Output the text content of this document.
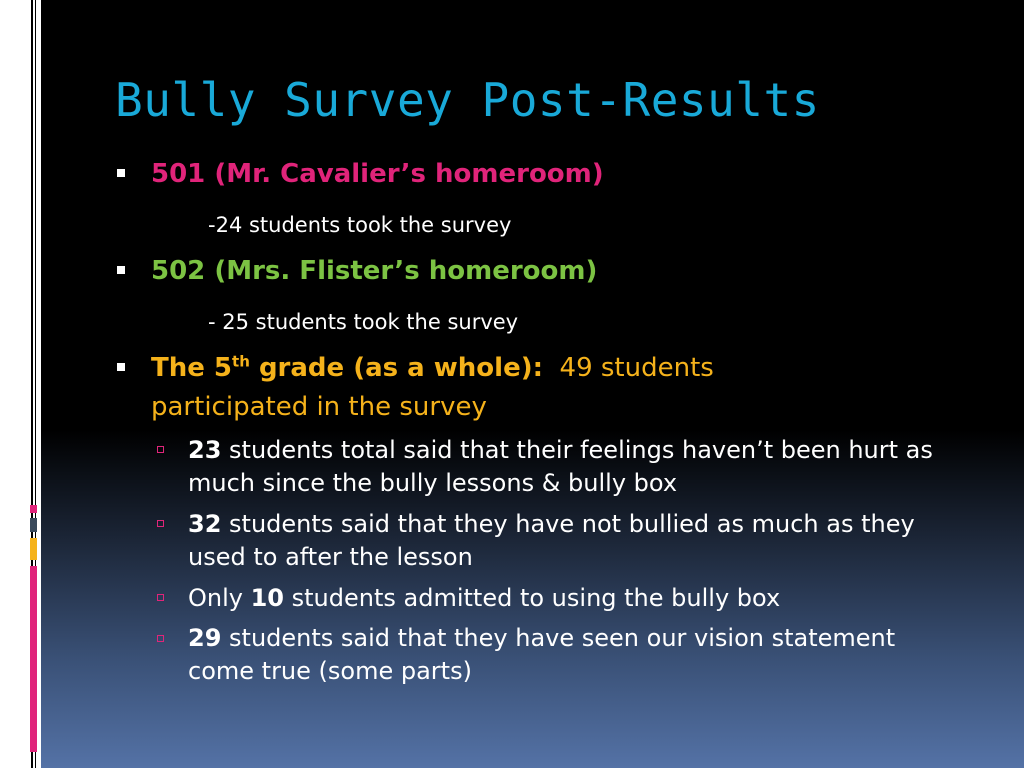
Bully Survey Post-Results
501 (Mr. Cavalier’s homeroom)
-24 students took the survey
502 (Mrs. Flister’s homeroom)
- 25 students took the survey
The 5th grade (as a whole): 49 students
participated in the survey
23 students total said that their feelings haven’t been hurt as much since the bully lessons & bully box
32 students said that they have not bullied as much as they used to after the lesson
Only 10 students admitted to using the bully box
29 students said that they have seen our vision statement come true (some parts)
